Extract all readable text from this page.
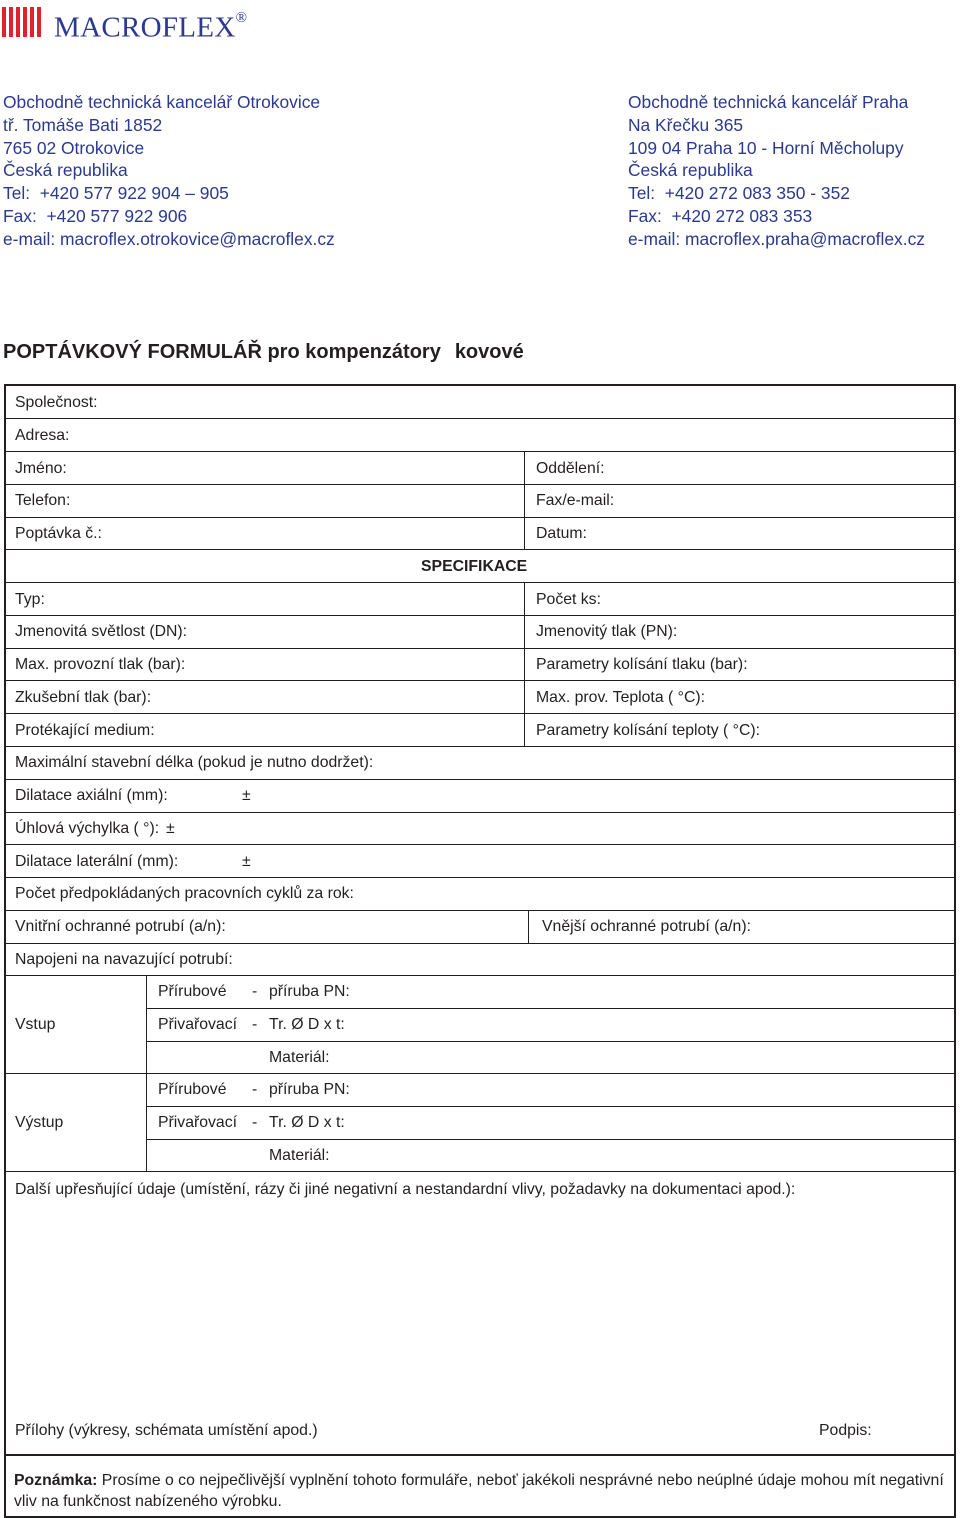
MACROFLEX®
Obchodně technická kancelář Otrokovice
tř. Tomáše Bati 1852
765 02 Otrokovice
Česká republika
Tel:  +420 577 922 904 – 905
Fax:  +420 577 922 906
e-mail: macroflex.otrokovice@macroflex.cz
Obchodně technická kancelář Praha
Na Křečku 365
109 04 Praha 10 - Horní Měcholupy
Česká republika
Tel:  +420 272 083 350 - 352
Fax:  +420 272 083 353
e-mail: macroflex.praha@macroflex.cz
POPTÁVKOVÝ FORMULÁŘ pro kompenzátory kovové
Společnost:
Adresa:
Jméno:	Oddělení:
Telefon:	Fax/e-mail:
Poptávka č.:	Datum:
SPECIFIKACE
Typ:	Počet ks:
Jmenovitá světlost (DN):	Jmenovitý tlak (PN):
Max. provozní tlak (bar):	Parametry kolísání tlaku (bar):
Zkušební tlak (bar):	Max. prov. Teplota ( °C):
Protékající medium:	Parametry kolísání teploty ( °C):
Maximální stavební délka (pokud je nutno dodržet):
Dilatace axiální (mm):	±
Úhlová výchylka ( °): ±
Dilatace laterální (mm):	±
Počet předpokládaných pracovních cyklů za rok:
Vnitřní ochranné potrubí (a/n):	Vnější ochranné potrubí (a/n):
Napojeni na navazující potrubí:
Vstup
Přírubové - příruba PN:
Přivařovací - Tr. Ø D x t:
Materiál:
Výstup
Přírubové - příruba PN:
Přivařovací - Tr. Ø D x t:
Materiál:
Další upřesňující údaje (umístění, rázy či jiné negativní a nestandardní vlivy, požadavky na dokumentaci apod.):
Přílohy (výkresy, schémata umístění apod.)	Podpis:
Poznámka: Prosíme o co nejpečlivější vyplnění tohoto formuláře, neboť jakékoli nesprávné nebo neúplné údaje mohou mít negativní vliv na funkčnost nabízeného výrobku.
